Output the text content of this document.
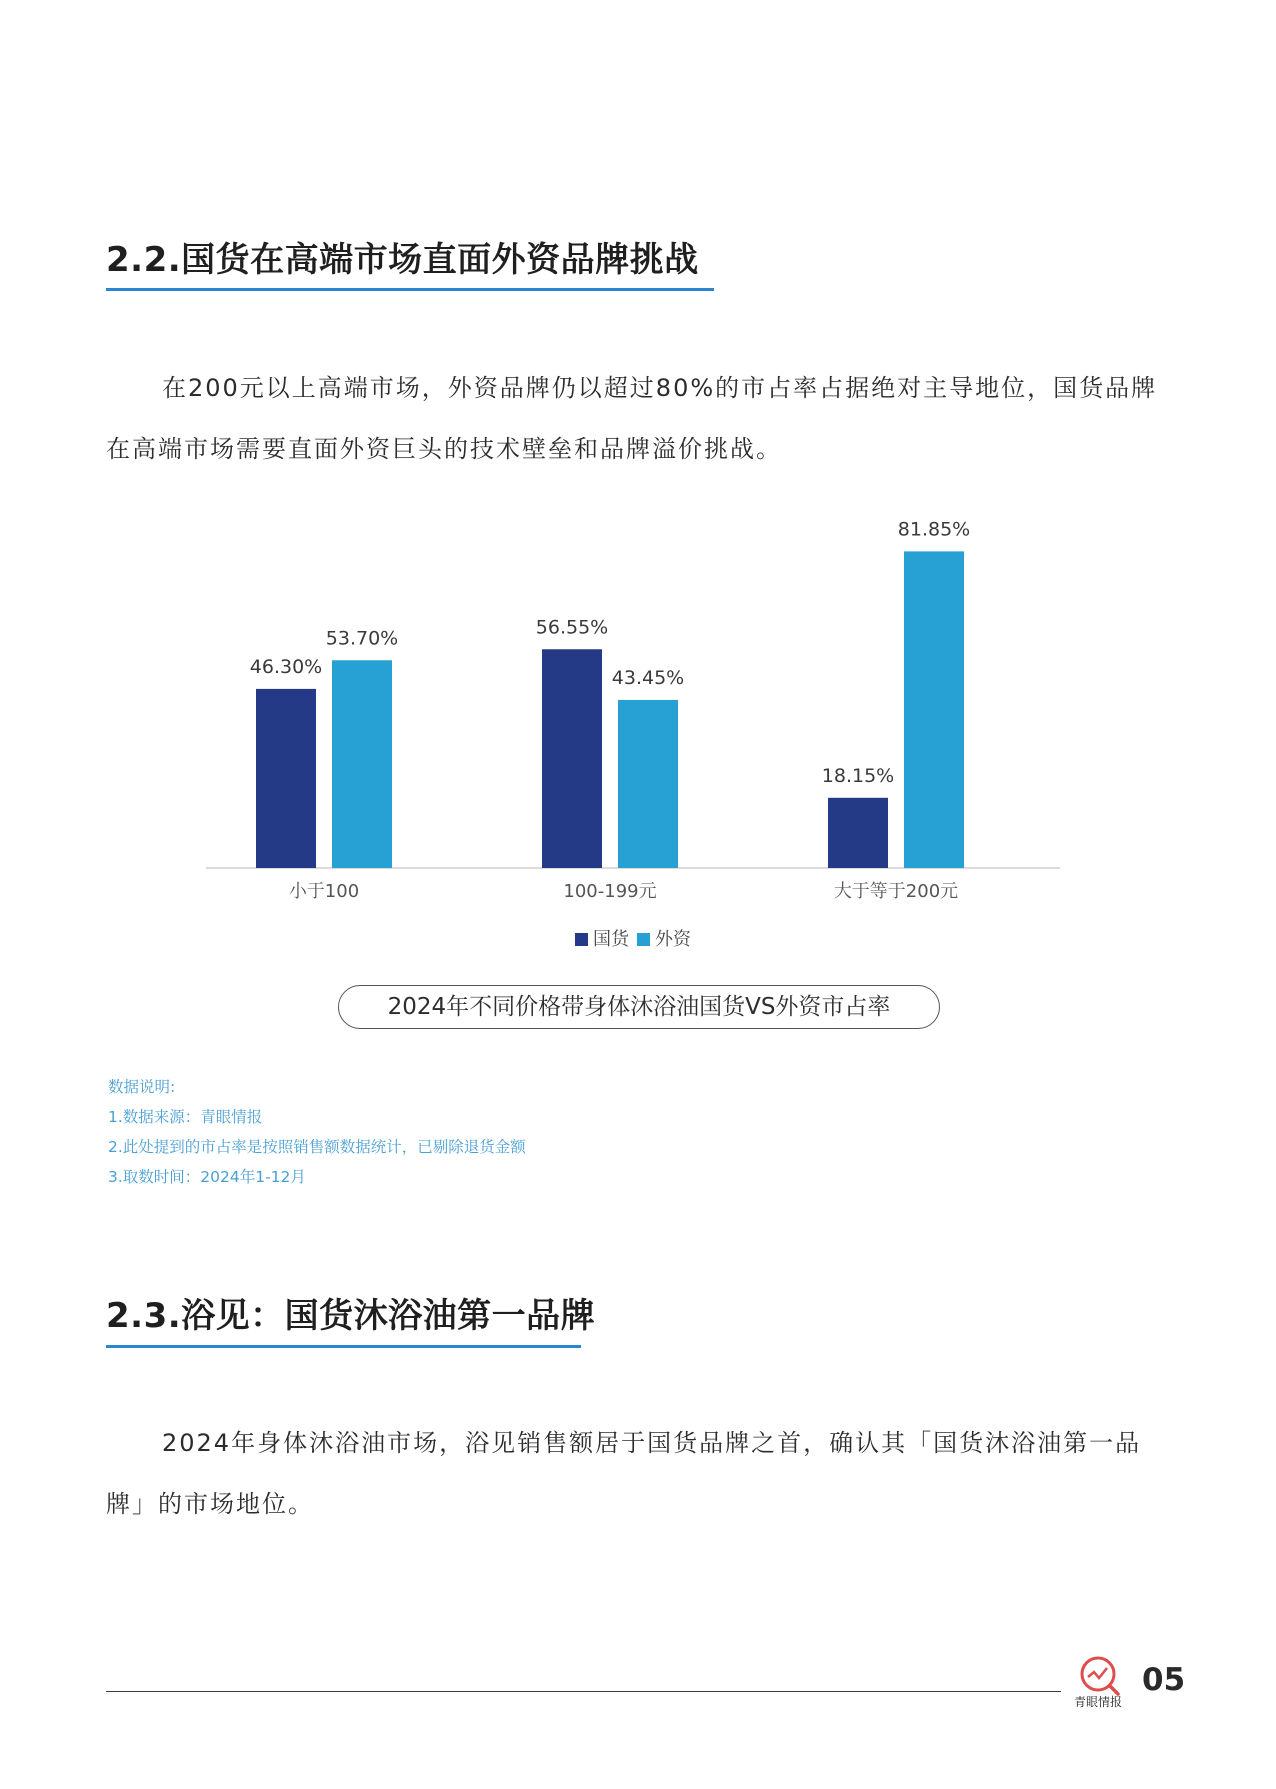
2.2.国货在高端市场直面外资品牌挑战
在200元以上高端市场，外资品牌仍以超过80%的市占率占据绝对主导地位，国货品牌在高端市场需要直面外资巨头的技术壁垒和品牌溢价挑战。
46.30%
53.70%
小于100
56.55%
43.45%
100-199元
18.15%
81.85%
大于等于200元
国货 外资
2024年不同价格带身体沐浴油国货VS外资市占率
数据说明:
1.数据来源：青眼情报
2.此处提到的市占率是按照销售额数据统计，已剔除退货金额
3.取数时间：2024年1-12月
2.3.浴见：国货沐浴油第一品牌
2024年身体沐浴油市场，浴见销售额居于国货品牌之首，确认其「国货沐浴油第一品牌」的市场地位。
青眼情报
05
